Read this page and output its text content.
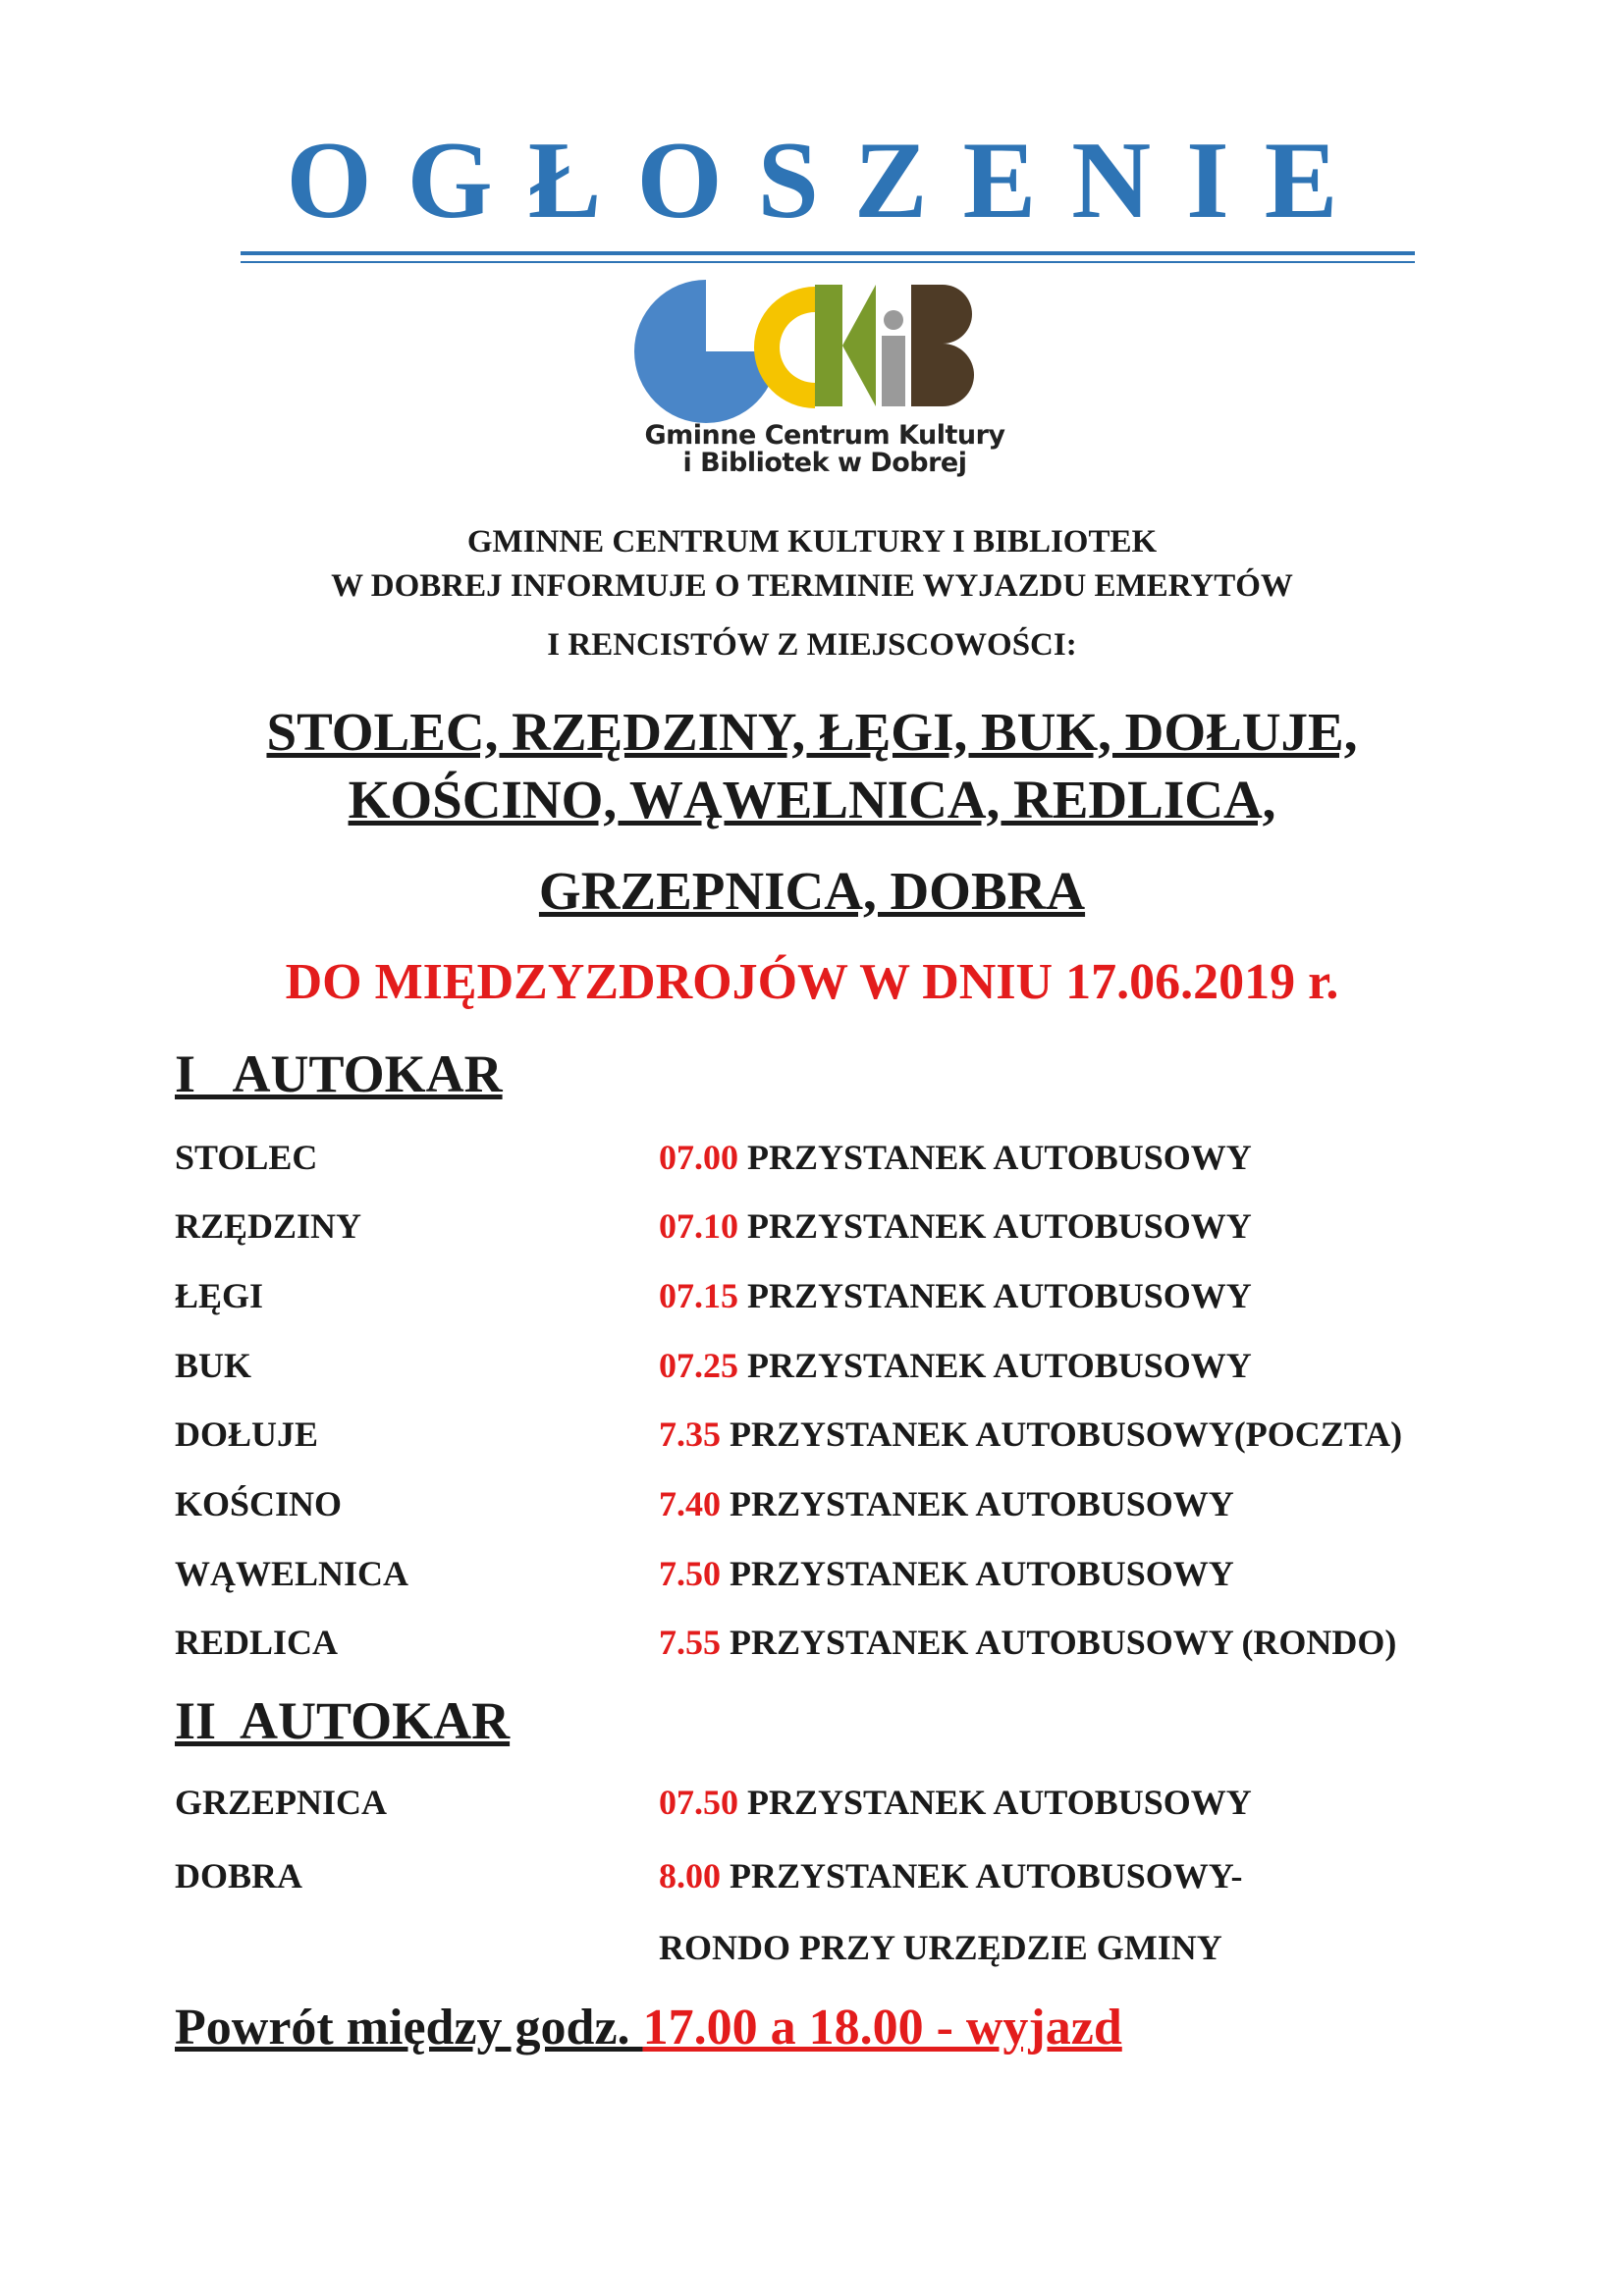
OGŁOSZENIE
Gminne Centrum Kultury
i Bibliotek w Dobrej
GMINNE CENTRUM KULTURY I BIBLIOTEK
W DOBREJ INFORMUJE O TERMINIE WYJAZDU EMERYTÓW
I RENCISTÓW Z MIEJSCOWOŚCI:
STOLEC, RZĘDZINY, ŁĘGI, BUK, DOŁUJE,
KOŚCINO, WĄWELNICA, REDLICA,
GRZEPNICA, DOBRA
DO MIĘDZYZDROJÓW W DNIU 17.06.2019 r.
I   AUTOKAR
STOLEC	07.00 PRZYSTANEK AUTOBUSOWY
RZĘDZINY	07.10 PRZYSTANEK AUTOBUSOWY
ŁĘGI	07.15 PRZYSTANEK AUTOBUSOWY
BUK	07.25 PRZYSTANEK AUTOBUSOWY
DOŁUJE	7.35 PRZYSTANEK AUTOBUSOWY(POCZTA)
KOŚCINO	7.40 PRZYSTANEK AUTOBUSOWY
WĄWELNICA	7.50 PRZYSTANEK AUTOBUSOWY
REDLICA	7.55 PRZYSTANEK AUTOBUSOWY (RONDO)
II  AUTOKAR
GRZEPNICA	07.50 PRZYSTANEK AUTOBUSOWY
DOBRA	8.00 PRZYSTANEK AUTOBUSOWY-
RONDO PRZY URZĘDZIE GMINY
Powrót między godz. 17.00 a 18.00 - wyjazd
